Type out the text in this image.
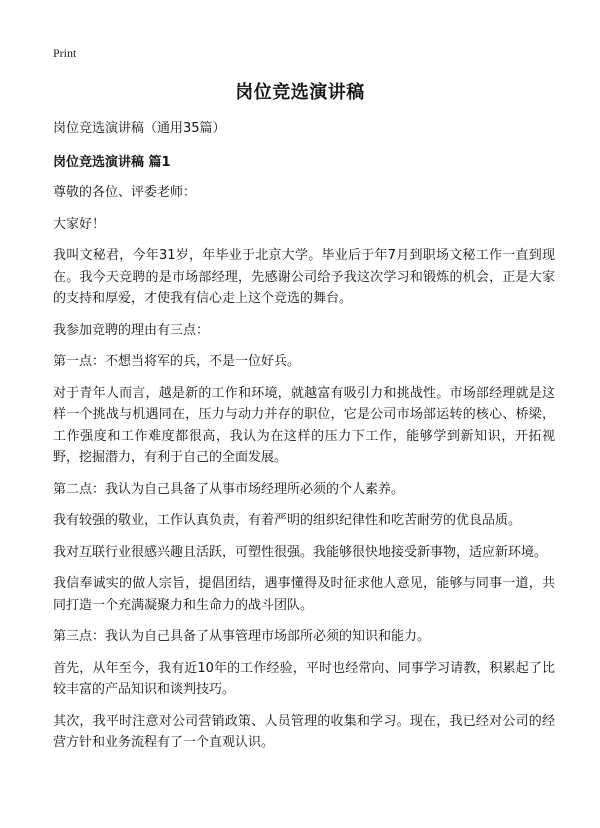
Print
岗位竞选演讲稿

岗位竞选演讲稿（通用35篇）

岗位竞选演讲稿 篇1

尊敬的各位、评委老师：

大家好！

我叫文秘君，今年31岁，年毕业于北京大学。毕业后于年7月到职场文秘工作一直到现在。我今天竞聘的是市场部经理，先感谢公司给予我这次学习和锻炼的机会，正是大家的支持和厚爱，才使我有信心走上这个竞选的舞台。

我参加竞聘的理由有三点：

第一点：不想当将军的兵，不是一位好兵。

对于青年人而言，越是新的工作和环境，就越富有吸引力和挑战性。市场部经理就是这样一个挑战与机遇同在，压力与动力并存的职位，它是公司市场部运转的核心、桥梁，工作强度和工作难度都很高，我认为在这样的压力下工作，能够学到新知识，开拓视野，挖掘潜力，有利于自己的全面发展。

第二点：我认为自己具备了从事市场经理所必须的个人素养。

我有较强的敬业，工作认真负责，有着严明的组织纪律性和吃苦耐劳的优良品质。

我对互联行业很感兴趣且活跃，可塑性很强。我能够很快地接受新事物，适应新环境。

我信奉诚实的做人宗旨，提倡团结，遇事懂得及时征求他人意见，能够与同事一道，共同打造一个充满凝聚力和生命力的战斗团队。

第三点：我认为自己具备了从事管理市场部所必须的知识和能力。

首先，从年至今，我有近10年的工作经验，平时也经常向、同事学习请教，积累起了比较丰富的产品知识和谈判技巧。

其次，我平时注意对公司营销政策、人员管理的收集和学习。现在，我已经对公司的经营方针和业务流程有了一个直观认识。
